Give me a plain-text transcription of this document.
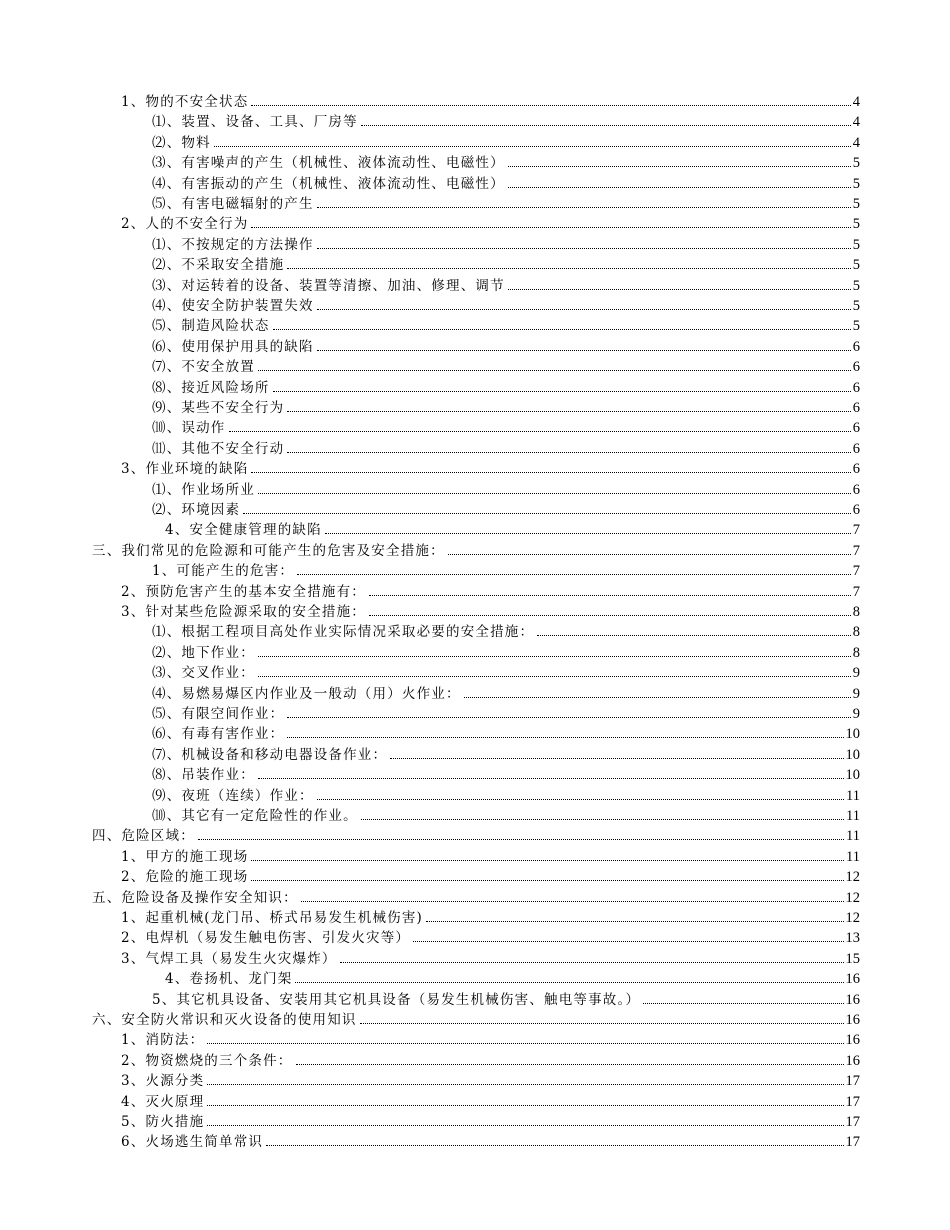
1、物的不安全状态	4
⑴、装置、设备、工具、厂房等	4
⑵、物料	4
⑶、有害噪声的产生（机械性、液体流动性、电磁性）	5
⑷、有害振动的产生（机械性、液体流动性、电磁性）	5
⑸、有害电磁辐射的产生	5
2、人的不安全行为	5
⑴、不按规定的方法操作	5
⑵、不采取安全措施	5
⑶、对运转着的设备、装置等清擦、加油、修理、调节	5
⑷、使安全防护装置失效	5
⑸、制造风险状态	5
⑹、使用保护用具的缺陷	6
⑺、不安全放置	6
⑻、接近风险场所	6
⑼、某些不安全行为	6
⑽、误动作	6
⑾、其他不安全行动	6
3、作业环境的缺陷	6
⑴、作业场所业	6
⑵、环境因素	6
4、安全健康管理的缺陷	7
三、我们常见的危险源和可能产生的危害及安全措施：	7
1、可能产生的危害：	7
2、预防危害产生的基本安全措施有：	7
3、针对某些危险源采取的安全措施：	8
⑴、根据工程项目高处作业实际情况采取必要的安全措施：	8
⑵、地下作业：	8
⑶、交叉作业：	9
⑷、易燃易爆区内作业及一般动（用）火作业：	9
⑸、有限空间作业：	9
⑹、有毒有害作业：	10
⑺、机械设备和移动电器设备作业：	10
⑻、吊装作业：	10
⑼、夜班（连续）作业：	11
⑽、其它有一定危险性的作业。	11
四、危险区域：	11
1、甲方的施工现场	11
2、危险的施工现场	12
五、危险设备及操作安全知识：	12
1、起重机械(龙门吊、桥式吊易发生机械伤害)	12
2、电焊机（易发生触电伤害、引发火灾等）	13
3、气焊工具（易发生火灾爆炸）	15
4、卷扬机、龙门架	16
5、其它机具设备、安装用其它机具设备（易发生机械伤害、触电等事故。）	16
六、安全防火常识和灭火设备的使用知识	16
1、消防法：	16
2、物资燃烧的三个条件：	16
3、火源分类	17
4、灭火原理	17
5、防火措施	17
6、火场逃生简单常识	17
